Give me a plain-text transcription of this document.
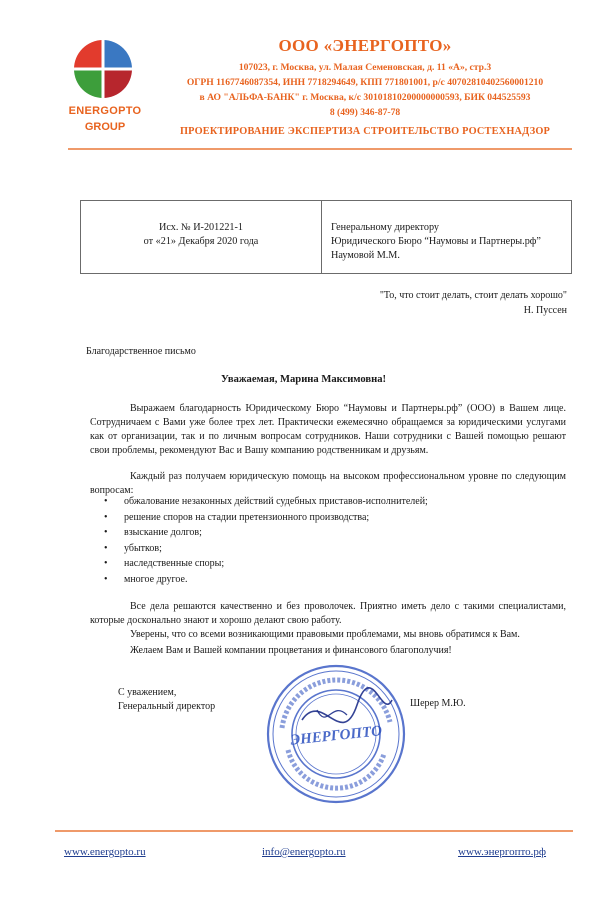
ENERGOPTO
GROUP
ООО «ЭНЕРГОПТО»
107023, г. Москва, ул. Малая Семеновская, д. 11 «А», стр.3
ОГРН 1167746087354, ИНН 7718294649, КПП 771801001, р/с 40702810402560001210
в АО "АЛЬФА-БАНК" г. Москва, к/с 30101810200000000593, БИК 044525593
8 (499) 346-87-78
ПРОЕКТИРОВАНИЕ ЭКСПЕРТИЗА СТРОИТЕЛЬСТВО РОСТЕХНАДЗОР
Исх. № И-201221-1
от «21» Декабря 2020 года
Генеральному директору
Юридического Бюро “Наумовы и Партнеры.рф”
Наумовой М.М.
"То, что стоит делать, стоит делать хорошо"
Н. Пуссен
Благодарственное письмо
Уважаемая, Марина Максимовна!
Выражаем благодарность Юридическому Бюро “Наумовы и Партнеры.рф” (ООО) в Вашем лице. Сотрудничаем с Вами уже более трех лет. Практически ежемесячно обращаемся за юридическими услугами как от организации, так и по личным вопросам сотрудников. Наши сотрудники с Вашей помощью решают свои проблемы, рекомендуют Вас и Вашу компанию родственникам и друзьям.
Каждый раз получаем юридическую помощь на высоком профессиональном уровне по следующим вопросам:
• обжалование незаконных действий судебных приставов-исполнителей;
• решение споров на стадии претензионного производства;
• взыскание долгов;
• убытков;
• наследственные споры;
• многое другое.
Все дела решаются качественно и без проволочек. Приятно иметь дело с такими специалистами, которые досконально знают и хорошо делают свою работу.
Уверены, что со всеми возникающими правовыми проблемами, мы вновь обратимся к Вам.
Желаем Вам и Вашей компании процветания и финансового благополучия!
С уважением,
Генеральный директор	Шерер М.Ю.
ЭНЕРГОПТО
www.energopto.ru	info@energopto.ru	www.энергопто.рф
